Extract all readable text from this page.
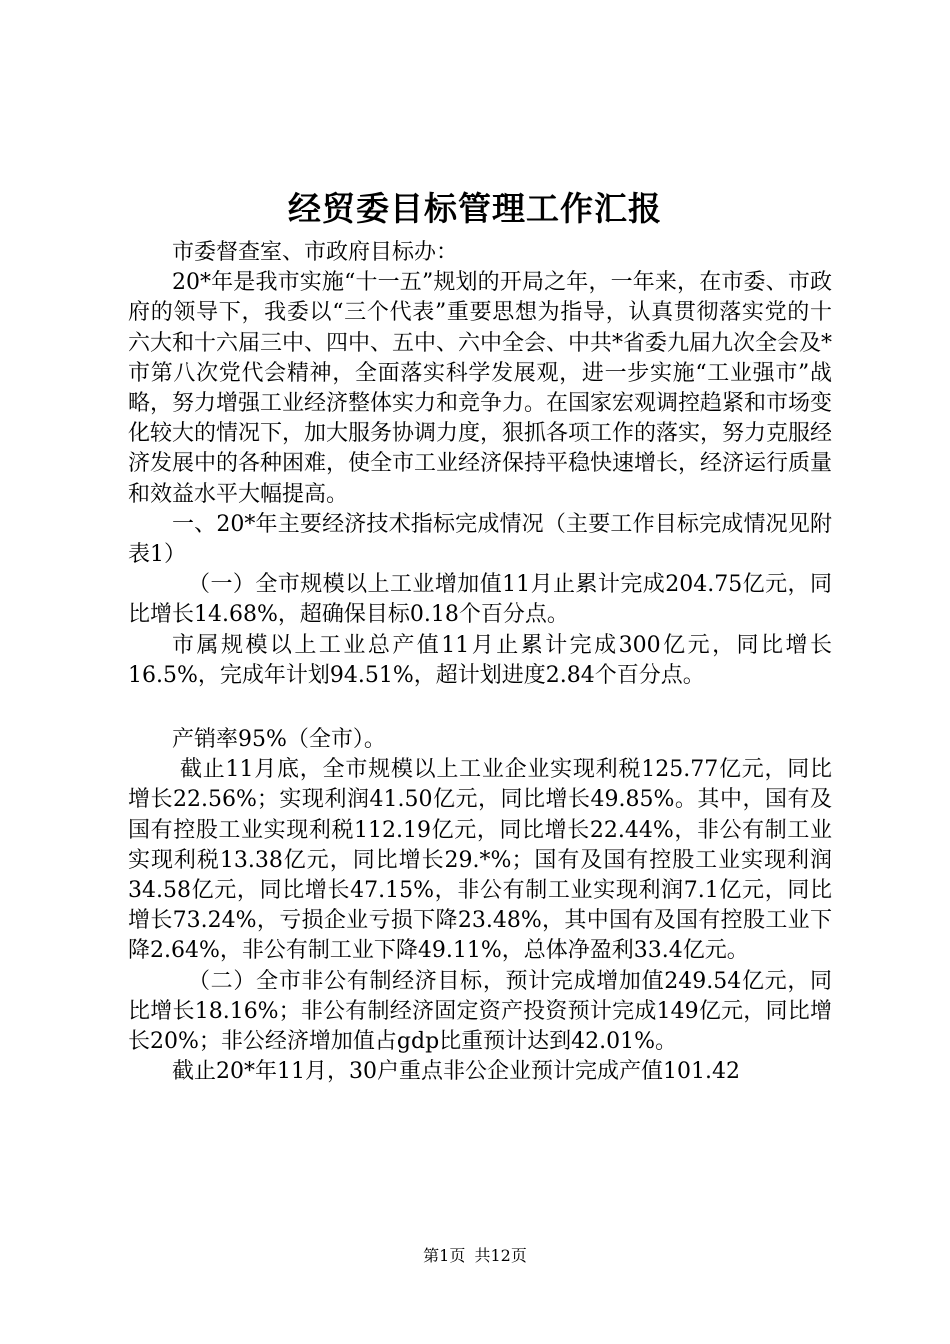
经贸委目标管理工作汇报

市委督查室、市政府目标办：

20*年是我市实施“十一五”规划的开局之年，一年来，在市委、市政府的领导下，我委以“三个代表”重要思想为指导，认真贯彻落实党的十六大和十六届三中、四中、五中、六中全会、中共*省委九届九次全会及*市第八次党代会精神，全面落实科学发展观，进一步实施“工业强市”战略，努力增强工业经济整体实力和竞争力。在国家宏观调控趋紧和市场变化较大的情况下，加大服务协调力度，狠抓各项工作的落实，努力克服经济发展中的各种困难，使全市工业经济保持平稳快速增长，经济运行质量和效益水平大幅提高。

一、20*年主要经济技术指标完成情况（主要工作目标完成情况见附表1）

（一）全市规模以上工业增加值11月止累计完成204.75亿元，同比增长14.68%，超确保目标0.18个百分点。

市属规模以上工业总产值11月止累计完成300亿元，同比增长16.5%，完成年计划94.51%，超计划进度2.84个百分点。

产销率95%（全市）。

截止11月底，全市规模以上工业企业实现利税125.77亿元，同比增长22.56%；实现利润41.50亿元，同比增长49.85%。其中，国有及国有控股工业实现利税112.19亿元，同比增长22.44%，非公有制工业实现利税13.38亿元，同比增长29.*%；国有及国有控股工业实现利润34.58亿元，同比增长47.15%，非公有制工业实现利润7.1亿元，同比增长73.24%，亏损企业亏损下降23.48%，其中国有及国有控股工业下降2.64%，非公有制工业下降49.11%，总体净盈利33.4亿元。

（二）全市非公有制经济目标，预计完成增加值249.54亿元，同比增长18.16%；非公有制经济固定资产投资预计完成149亿元，同比增长20%；非公经济增加值占gdp比重预计达到42.01%。

截止20*年11月，30户重点非公企业预计完成产值101.42

第1页 共12页
